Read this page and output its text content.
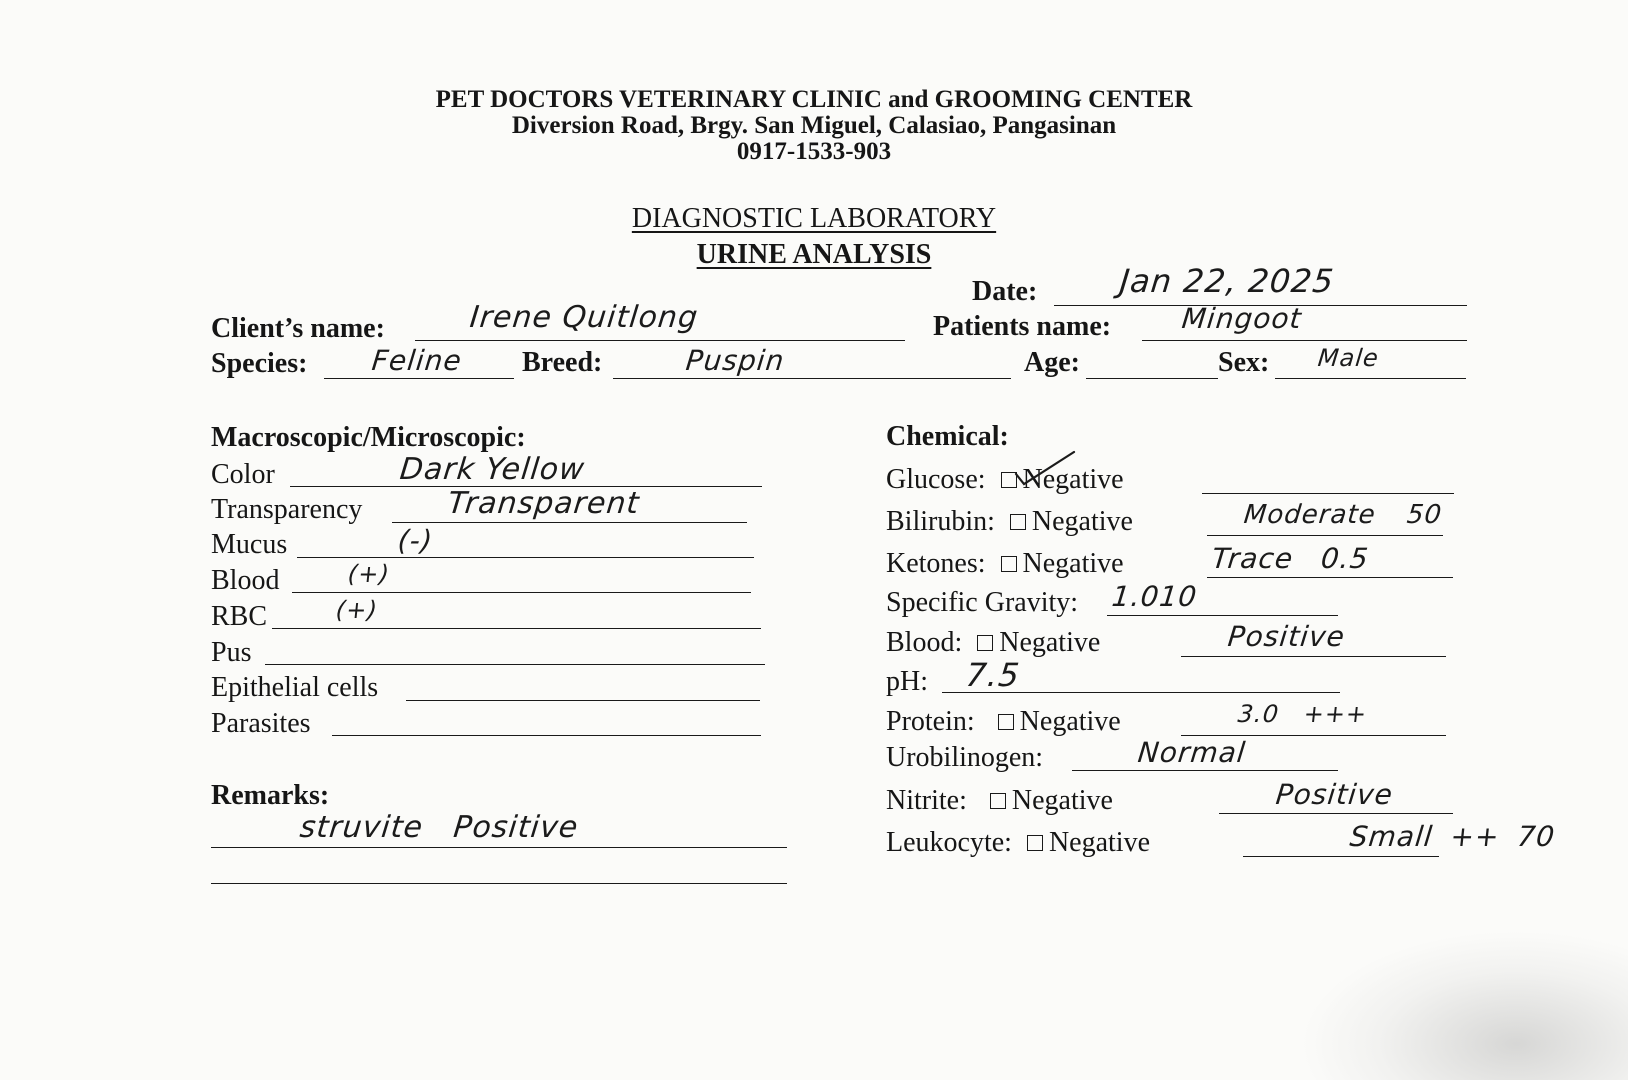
PET DOCTORS VETERINARY CLINIC and GROOMING CENTER
Diversion Road, Brgy. San Miguel, Calasiao, Pangasinan
0917-1533-903
DIAGNOSTIC LABORATORY
URINE ANALYSIS
Date:	Jan 22, 2025
Client’s name:	Irene Quitlong	Patients name: Mingoot
Species: Feline Breed:	Puspin	Age:	Sex: Male
Macroscopic/Microscopic:
Color	Dark Yellow
Transparency	Transparent
Mucus	(-)
Blood	(+)
RBC	(+)
Pus
Epithelial cells
Parasites
Remarks:
struvite Positive
Chemical:
Glucose: Negative
Bilirubin: Negative	Moderate 50
Ketones: Negative	Trace 0.5
Specific Gravity: 1.010
Blood: Negative	Positive
pH: 7.5
Protein: Negative	3.0 +++
Urobilinogen:	Normal
Nitrite: Negative	Positive
Leukocyte: Negative	Small ++ 70
